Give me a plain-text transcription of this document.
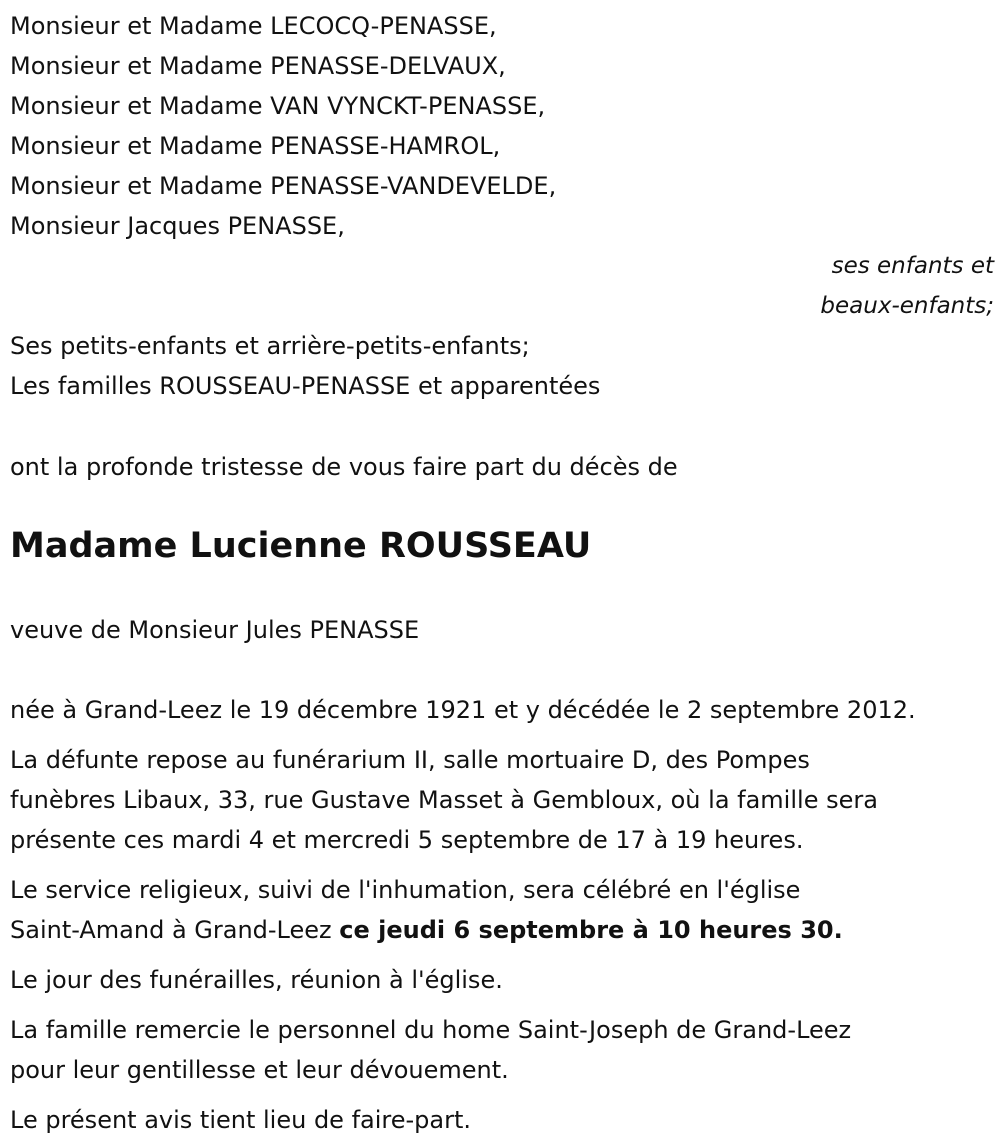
Monsieur et Madame LECOCQ-PENASSE,
Monsieur et Madame PENASSE-DELVAUX,
Monsieur et Madame VAN VYNCKT-PENASSE,
Monsieur et Madame PENASSE-HAMROL,
Monsieur et Madame PENASSE-VANDEVELDE,
Monsieur Jacques PENASSE,
ses enfants et
beaux-enfants;
Ses petits-enfants et arrière-petits-enfants;
Les familles ROUSSEAU-PENASSE et apparentées
ont la profonde tristesse de vous faire part du décès de
Madame Lucienne ROUSSEAU
veuve de Monsieur Jules PENASSE
née à Grand-Leez le 19 décembre 1921 et y décédée le 2 septembre 2012.
La défunte repose au funérarium II, salle mortuaire D, des Pompes
funèbres Libaux, 33, rue Gustave Masset à Gembloux, où la famille sera
présente ces mardi 4 et mercredi 5 septembre de 17 à 19 heures.
Le service religieux, suivi de l'inhumation, sera célébré en l'église
Saint-Amand à Grand-Leez ce jeudi 6 septembre à 10 heures 30.
Le jour des funérailles, réunion à l'église.
La famille remercie le personnel du home Saint-Joseph de Grand-Leez
pour leur gentillesse et leur dévouement.
Le présent avis tient lieu de faire-part.
